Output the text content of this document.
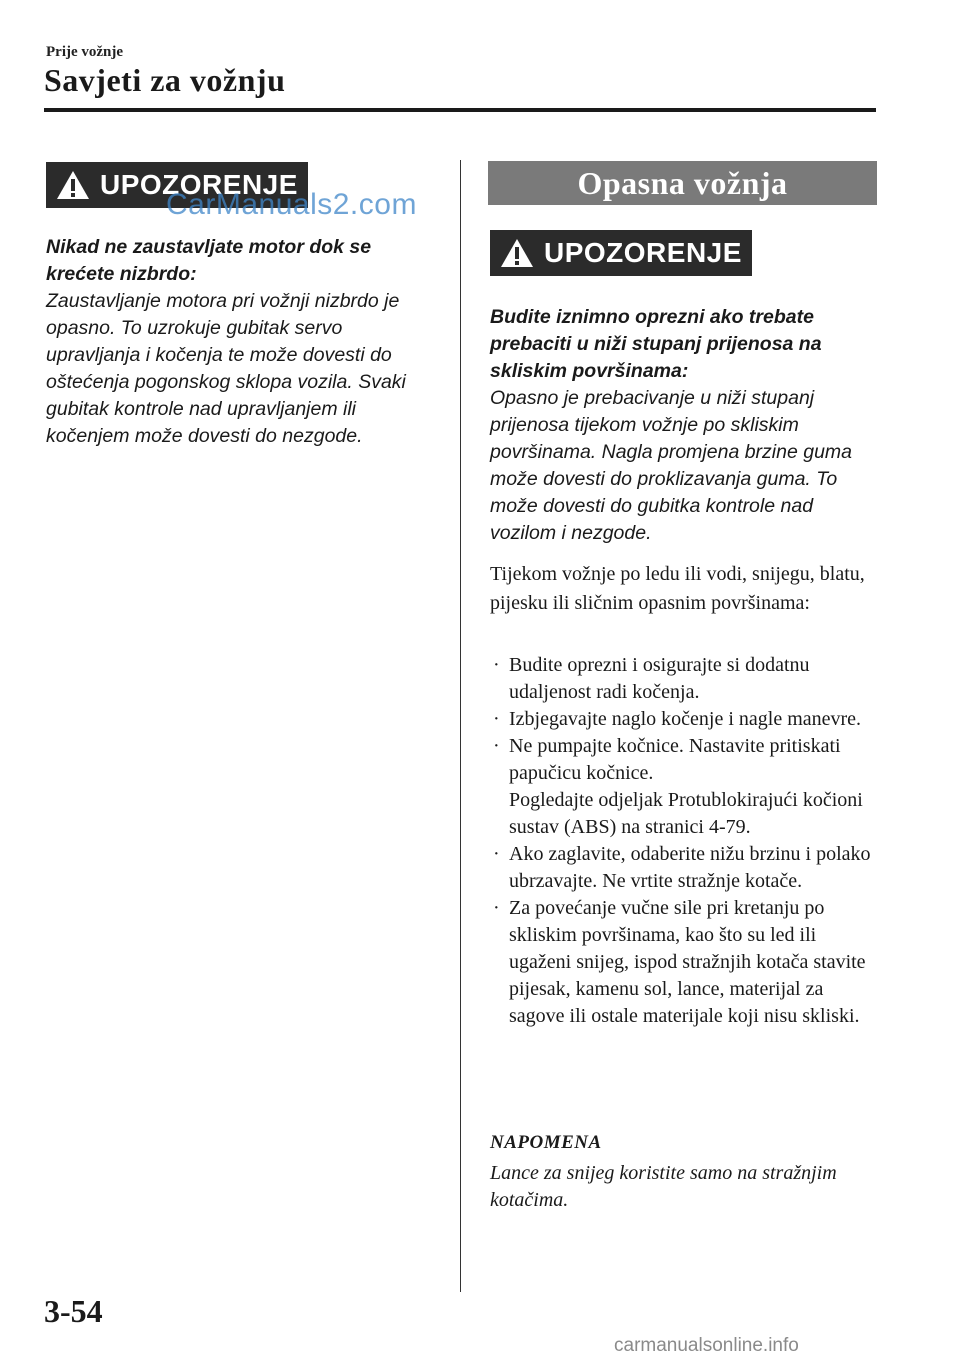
Prije vožnje
Savjeti za vožnju
UPOZORENJE
CarManuals2.com
Nikad ne zaustavljate motor dok se krećete nizbrdo:
Zaustavljanje motora pri vožnji nizbrdo je opasno. To uzrokuje gubitak servo upravljanja i kočenja te može dovesti do oštećenja pogonskog sklopa vozila. Svaki gubitak kontrole nad upravljanjem ili kočenjem može dovesti do nezgode.
Opasna vožnja
UPOZORENJE
Budite iznimno oprezni ako trebate prebaciti u niži stupanj prijenosa na skliskim površinama:
Opasno je prebacivanje u niži stupanj prijenosa tijekom vožnje po skliskim površinama. Nagla promjena brzine guma može dovesti do proklizavanja guma. To može dovesti do gubitka kontrole nad vozilom i nezgode.
Tijekom vožnje po ledu ili vodi, snijegu, blatu, pijesku ili sličnim opasnim površinama:
· Budite oprezni i osigurajte si dodatnu udaljenost radi kočenja.
· Izbjegavajte naglo kočenje i nagle manevre.
· Ne pumpajte kočnice. Nastavite pritiskati papučicu kočnice.
Pogledajte odjeljak Protublokirajući kočioni sustav (ABS) na stranici 4-79.
· Ako zaglavite, odaberite nižu brzinu i polako ubrzavajte. Ne vrtite stražnje kotače.
· Za povećanje vučne sile pri kretanju po skliskim površinama, kao što su led ili ugaženi snijeg, ispod stražnjih kotača stavite pijesak, kamenu sol, lance, materijal za sagove ili ostale materijale koji nisu skliski.
NAPOMENA
Lance za snijeg koristite samo na stražnjim kotačima.
3-54
carmanualsonline.info
